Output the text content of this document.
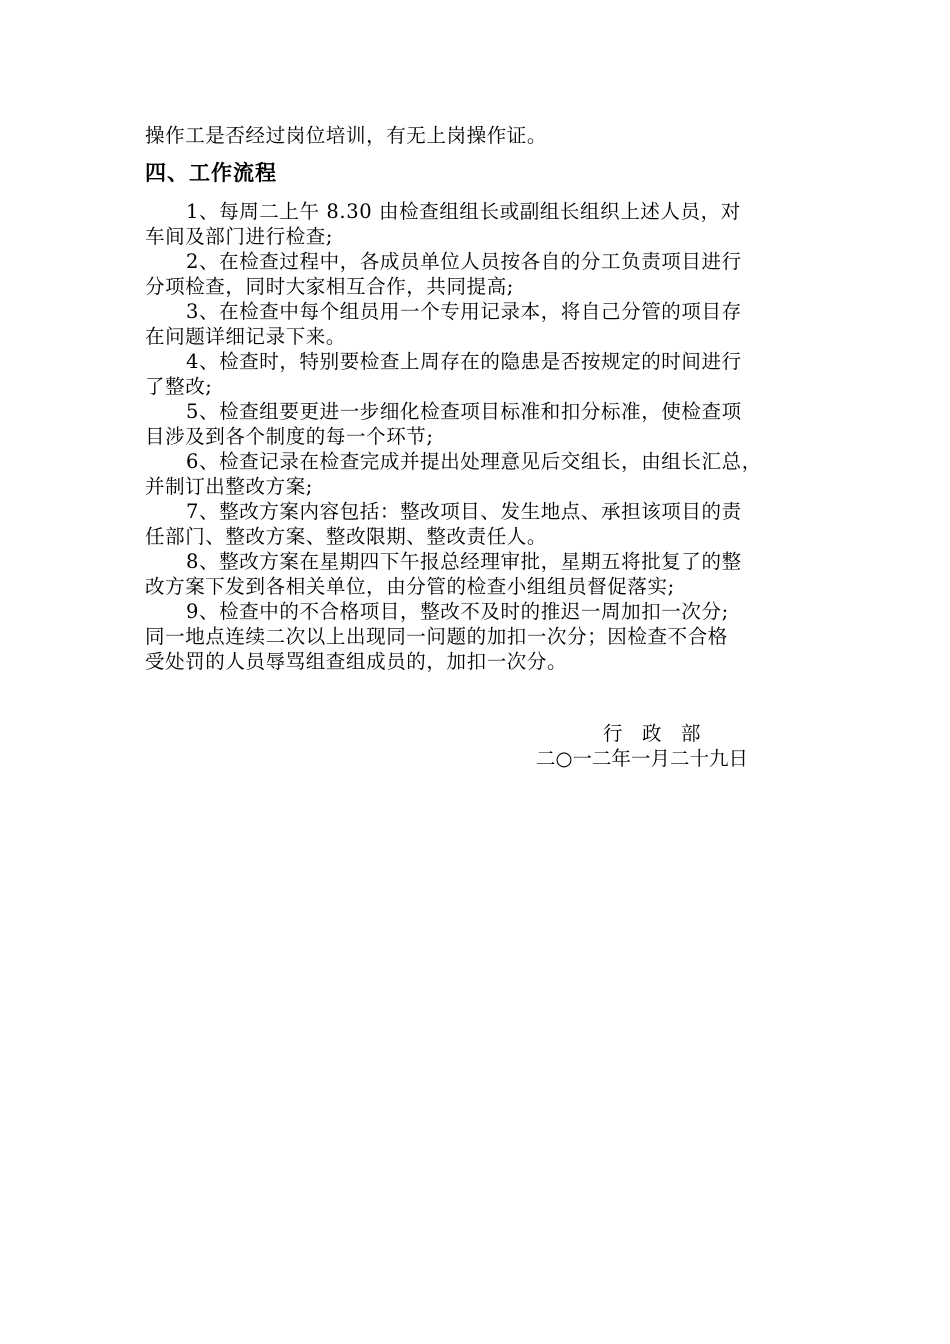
操作工是否经过岗位培训，有无上岗操作证。
四、工作流程
1、每周二上午 8.30 由检查组组长或副组长组织上述人员，对
车间及部门进行检查;
2、在检查过程中，各成员单位人员按各自的分工负责项目进行
分项检查，同时大家相互合作，共同提高;
3、在检查中每个组员用一个专用记录本，将自己分管的项目存
在问题详细记录下来。
4、检查时，特别要检查上周存在的隐患是否按规定的时间进行
了整改;
5、检查组要更进一步细化检查项目标准和扣分标准，使检查项
目涉及到各个制度的每一个环节;
6、检查记录在检查完成并提出处理意见后交组长，由组长汇总，
并制订出整改方案;
7、整改方案内容包括：整改项目、发生地点、承担该项目的责
任部门、整改方案、整改限期、整改责任人。
8、整改方案在星期四下午报总经理审批，星期五将批复了的整
改方案下发到各相关单位，由分管的检查小组组员督促落实;
9、检查中的不合格项目，整改不及时的推迟一周加扣一次分;
同一地点连续二次以上出现同一问题的加扣一次分；因检查不合格
受处罚的人员辱骂组查组成员的，加扣一次分。
行　政　部
二○一二年一月二十九日
